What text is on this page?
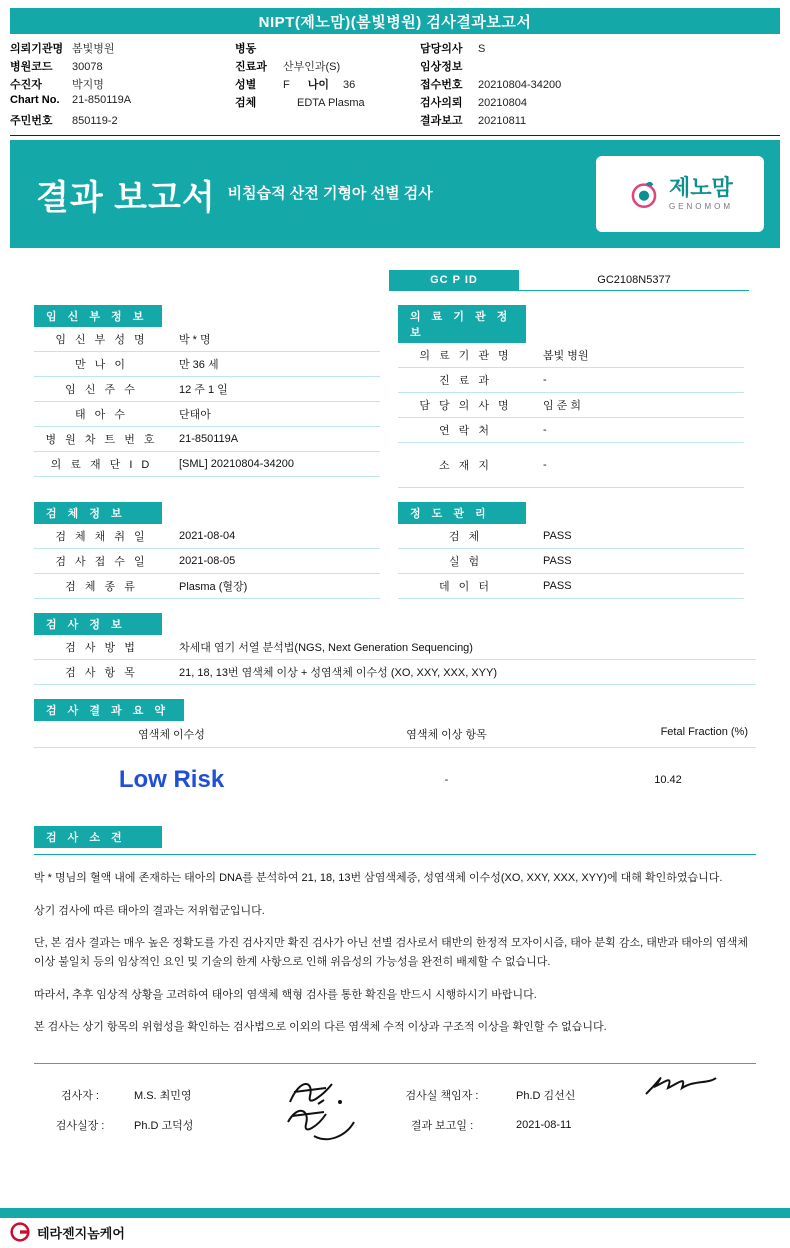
NIPT(제노맘)(봄빛병원) 검사결과보고서
의뢰기관명 봄빛병원
병원코드	30078
수진자	박지명
Chart No.	21-850119A
주민번호	850119-2
병동
진료과	산부인과(S)
성별	F 나이 36
검체	EDTA Plasma
담당의사	S
임상정보
접수번호	20210804-34200
검사의뢰	20210804
결과보고	20210811
결과 보고서 비침습적 산전 기형아 선별 검사	제노맘
GENOMOM
GC P ID	GC2108N5377
임 신 부 정 보
임 신 부 성 명	박 * 명
만 나 이	만 36 세
임 신 주 수	12 주 1 일
태 아 수	단태아
병 원 차 트 번 호	21-850119A
의 료 재 단 I D	[SML] 20210804-34200
의 료 기 관 정 보
의 료 기 관 명	봄빛 병원
진 료 과	-
담 당 의 사 명	임 준 희
연 락 처	-
소 재 지	-
검 체 정 보
검 체 채 취 일	2021-08-04
검 사 접 수 일	2021-08-05
검 체 종 류	Plasma (혈장)
정 도 관 리
검 체	PASS
실 험	PASS
데 이 터	PASS
검 사 정 보
검 사 방 법	차세대 염기 서열 분석법(NGS, Next Generation Sequencing)
검 사 항 목	21, 18, 13번 염색체 이상 + 성염색체 이수성 (XO, XXY, XXX, XYY)
검 사 결 과 요 약
염색체 이수성	염색체 이상 항목	Fetal Fraction (%)
Low Risk	-	10.42
검 사 소 견

박 * 명님의 혈액 내에 존재하는 태아의 DNA를 분석하여 21, 18, 13번 삼염색체증, 성염색체 이수성(XO, XXY, XXX, XYY)에 대해 확인하였습니다.

상기 검사에 따른 태아의 결과는 저위험군입니다.

단, 본 검사 결과는 매우 높은 정확도를 가진 검사지만 확진 검사가 아닌 선별 검사로서 태반의 한정적 모자이시즘, 태아 분획 감소, 태반과 태아의 염색체 이상 불일치 등의 임상적인 요인 및 기술의 한계 사항으로 인해 위음성의 가능성을 완전히 배제할 수 없습니다.

따라서, 추후 임상적 상황을 고려하여 태아의 염색체 핵형 검사를 통한 확진을 반드시 시행하시기 바랍니다.

본 검사는 상기 항목의 위험성을 확인하는 검사법으로 이외의 다른 염색체 수적 이상과 구조적 이상을 확인할 수 없습니다.

검사자 :	M.S. 최민영	검사실 책임자 :	Ph.D 김선신
검사실장 :	Ph.D 고덕성	결과 보고일 :	2021-08-11
테라젠지놈케어
